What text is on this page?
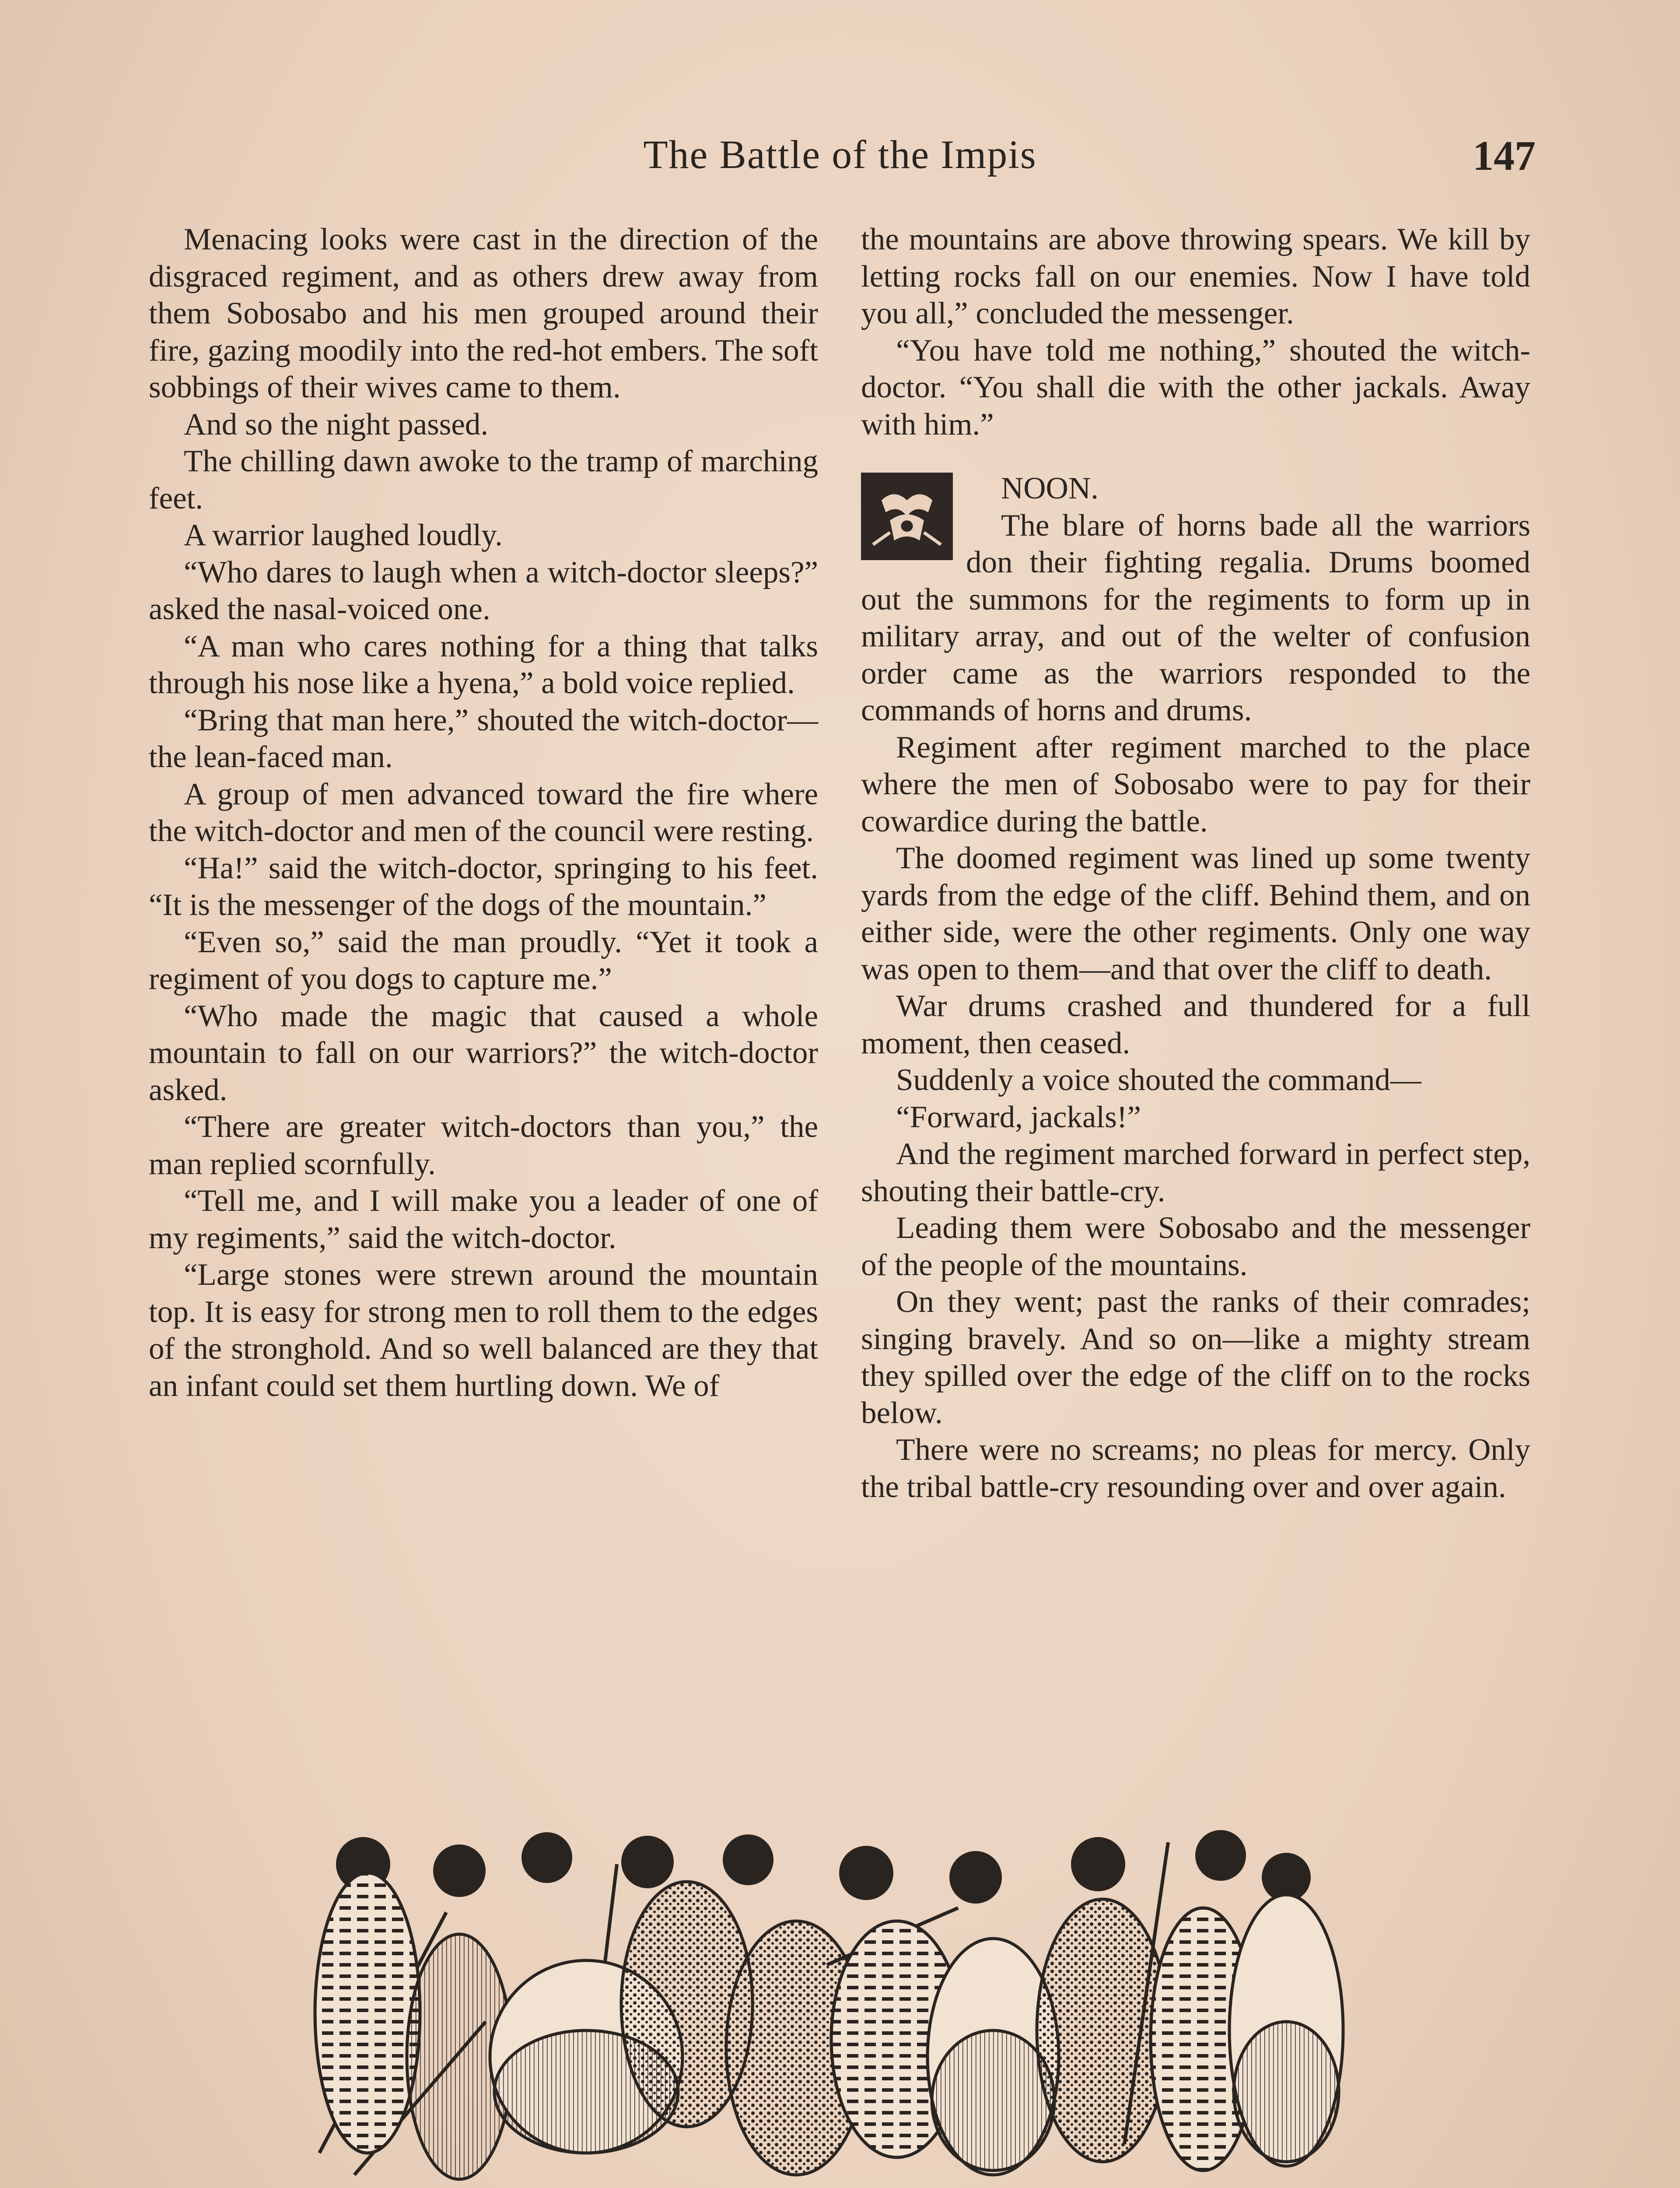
The Battle of the Impis	147

Menacing looks were cast in the direction of the disgraced regiment, and as others drew away from them Sobosabo and his men grouped around their fire, gazing moodily into the red-hot embers. The soft sobbings of their wives came to them.

And so the night passed.

The chilling dawn awoke to the tramp of marching feet.

A warrior laughed loudly.

“Who dares to laugh when a witch-doctor sleeps?” asked the nasal-voiced one.

“A man who cares nothing for a thing that talks through his nose like a hyena,” a bold voice replied.

“Bring that man here,” shouted the witch-doctor—the lean-faced man.

A group of men advanced toward the fire where the witch-doctor and men of the council were resting.

“Ha!” said the witch-doctor, springing to his feet. “It is the messenger of the dogs of the mountain.”

“Even so,” said the man proudly. “Yet it took a regiment of you dogs to capture me.”

“Who made the magic that caused a whole mountain to fall on our warriors?” the witch-doctor asked.

“There are greater witch-doctors than you,” the man replied scornfully.

“Tell me, and I will make you a leader of one of my regiments,” said the witch-doctor.

“Large stones were strewn around the mountain top. It is easy for strong men to roll them to the edges of the stronghold. And so well balanced are they that an infant could set them hurtling down. We of

the mountains are above throwing spears. We kill by letting rocks fall on our enemies. Now I have told you all,” concluded the messenger.

“You have told me nothing,” shouted the witch-doctor. “You shall die with the other jackals. Away with him.”

NOON.

The blare of horns bade all the warriors don their fighting regalia. Drums boomed out the summons for the regiments to form up in military array, and out of the welter of confusion order came as the warriors responded to the commands of horns and drums.

Regiment after regiment marched to the place where the men of Sobosabo were to pay for their cowardice during the battle.

The doomed regiment was lined up some twenty yards from the edge of the cliff. Behind them, and on either side, were the other regiments. Only one way was open to them—and that over the cliff to death.

War drums crashed and thundered for a full moment, then ceased.

Suddenly a voice shouted the command—

“Forward, jackals!”

And the regiment marched forward in perfect step, shouting their battle-cry.

Leading them were Sobosabo and the messenger of the people of the mountains.

On they went; past the ranks of their comrades; singing bravely. And so on—like a mighty stream they spilled over the edge of the cliff on to the rocks below.

There were no screams; no pleas for mercy. Only the tribal battle-cry resounding over and over again.
